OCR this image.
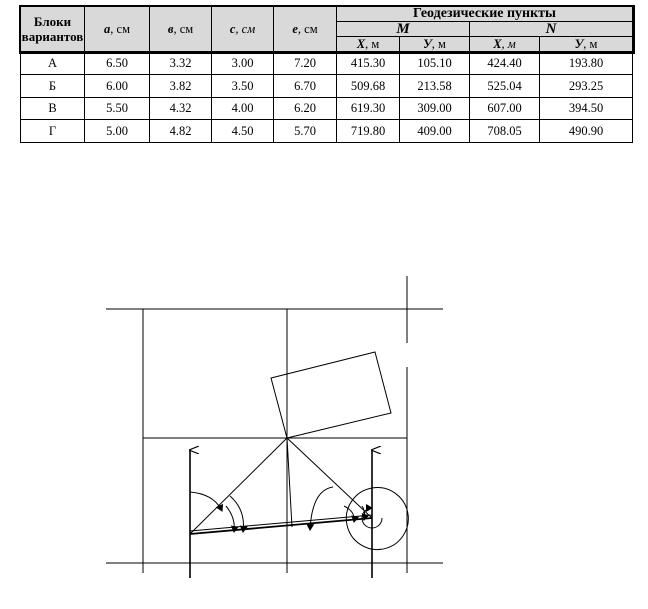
Блоки вариантов	а, см	в, см	с, см	е, см	Геодезические пункты			
					М		N	
					Х, м	У, м	Х, м	У, м
А	6.50	3.32	3.00	7.20	415.30	105.10	424.40	193.80
Б	6.00	3.82	3.50	6.70	509.68	213.58	525.04	293.25
В	5.50	4.32	4.00	6.20	619.30	309.00	607.00	394.50
Г	5.00	4.82	4.50	5.70	719.80	409.00	708.05	490.90
